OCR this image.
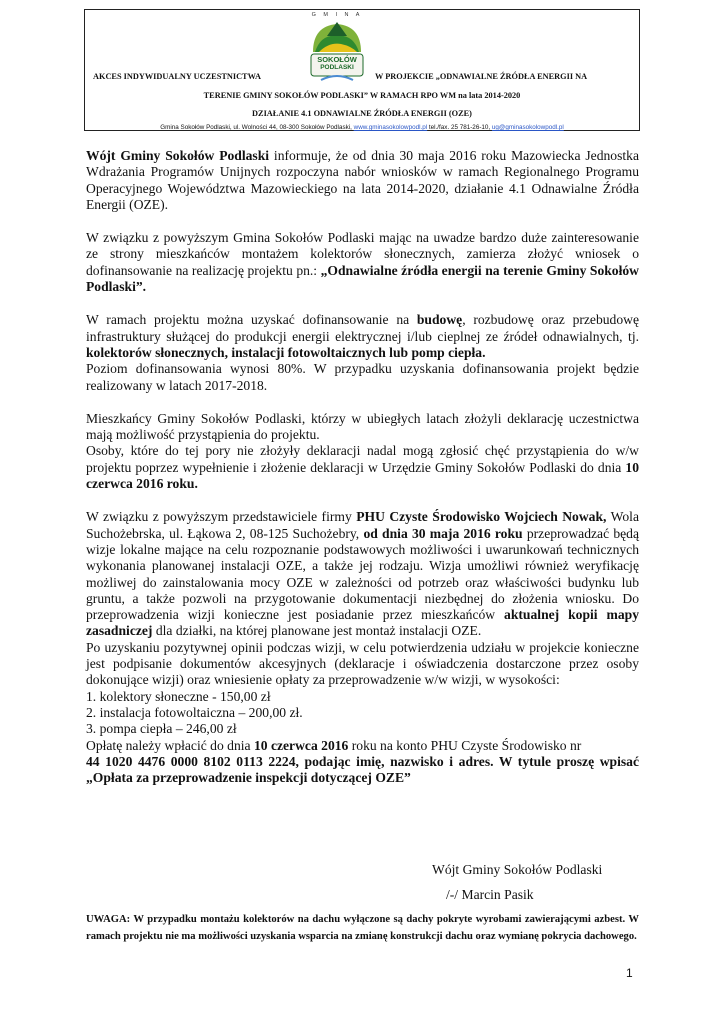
G M I N A
SOKOŁÓW
PODLASKI
AKCES INDYWIDUALNY UCZESTNICTWA	W PROJEKCIE „ODNAWIALNE ŹRÓDŁA ENERGII NA
TERENIE GMINY SOKOŁÓW PODLASKI” W RAMACH RPO WM na lata 2014-2020
DZIAŁANIE 4.1 ODNAWIALNE ŹRÓDŁA ENERGII (OZE)
Gmina Sokołów Podlaski, ul. Wolności 44, 08-300 Sokołów Podlaski, www.gminasokolowpodl.pl tel./fax. 25 781-26-10, ug@gminasokolowpodl.pl

Wójt Gminy Sokołów Podlaski informuje, że od dnia 30 maja 2016 roku Mazowiecka Jednostka Wdrażania Programów Unijnych rozpoczyna nabór wniosków w ramach Regionalnego Programu Operacyjnego Województwa Mazowieckiego na lata 2014-2020, działanie 4.1 Odnawialne Źródła Energii (OZE).

W związku z powyższym Gmina Sokołów Podlaski mając na uwadze bardzo duże zainteresowanie ze strony mieszkańców montażem kolektorów słonecznych, zamierza złożyć wniosek o dofinansowanie na realizację projektu pn.: „Odnawialne źródła energii na terenie Gminy Sokołów Podlaski”.

W ramach projektu można uzyskać dofinansowanie na budowę, rozbudowę oraz przebudowę infrastruktury służącej do produkcji energii elektrycznej i/lub cieplnej ze źródeł odnawialnych, tj. kolektorów słonecznych, instalacji fotowoltaicznych lub pomp ciepła.
Poziom dofinansowania wynosi 80%. W przypadku uzyskania dofinansowania projekt będzie realizowany w latach 2017-2018.

Mieszkańcy Gminy Sokołów Podlaski, którzy w ubiegłych latach złożyli deklarację uczestnictwa mają możliwość przystąpienia do projektu.
Osoby, które do tej pory nie złożyły deklaracji nadal mogą zgłosić chęć przystąpienia do w/w projektu poprzez wypełnienie i złożenie deklaracji w Urzędzie Gminy Sokołów Podlaski do dnia 10 czerwca 2016 roku.

W związku z powyższym przedstawiciele firmy PHU Czyste Środowisko Wojciech Nowak, Wola Suchożebrska, ul. Łąkowa 2, 08-125 Suchożebry, od dnia 30 maja 2016 roku przeprowadzać będą wizje lokalne mające na celu rozpoznanie podstawowych możliwości i uwarunkowań technicznych wykonania planowanej instalacji OZE, a także jej rodzaju. Wizja umożliwi również weryfikację możliwej do zainstalowania mocy OZE w zależności od potrzeb oraz właściwości budynku lub gruntu, a także pozwoli na przygotowanie dokumentacji niezbędnej do złożenia wniosku. Do przeprowadzenia wizji konieczne jest posiadanie przez mieszkańców aktualnej kopii mapy zasadniczej dla działki, na której planowane jest montaż instalacji OZE.

Po uzyskaniu pozytywnej opinii podczas wizji, w celu potwierdzenia udziału w projekcie konieczne jest podpisanie dokumentów akcesyjnych (deklaracje i oświadczenia dostarczone przez osoby dokonujące wizji) oraz wniesienie opłaty za przeprowadzenie w/w wizji, w wysokości:

1. kolektory słoneczne - 150,00 zł
2. instalacja fotowoltaiczna – 200,00 zł.
3. pompa ciepła – 246,00 zł
Opłatę należy wpłacić do dnia 10 czerwca 2016 roku na konto PHU Czyste Środowisko nr
44 1020 4476 0000 8102 0113 2224, podając imię, nazwisko i adres. W tytule proszę wpisać „Opłata za przeprowadzenie inspekcji dotyczącej OZE”
Wójt Gminy Sokołów Podlaski
/-/ Marcin Pasik
UWAGA: W przypadku montażu kolektorów na dachu wyłączone są dachy pokryte wyrobami zawierającymi azbest. W ramach projektu nie ma możliwości uzyskania wsparcia na zmianę konstrukcji dachu oraz wymianę pokrycia dachowego.
1
